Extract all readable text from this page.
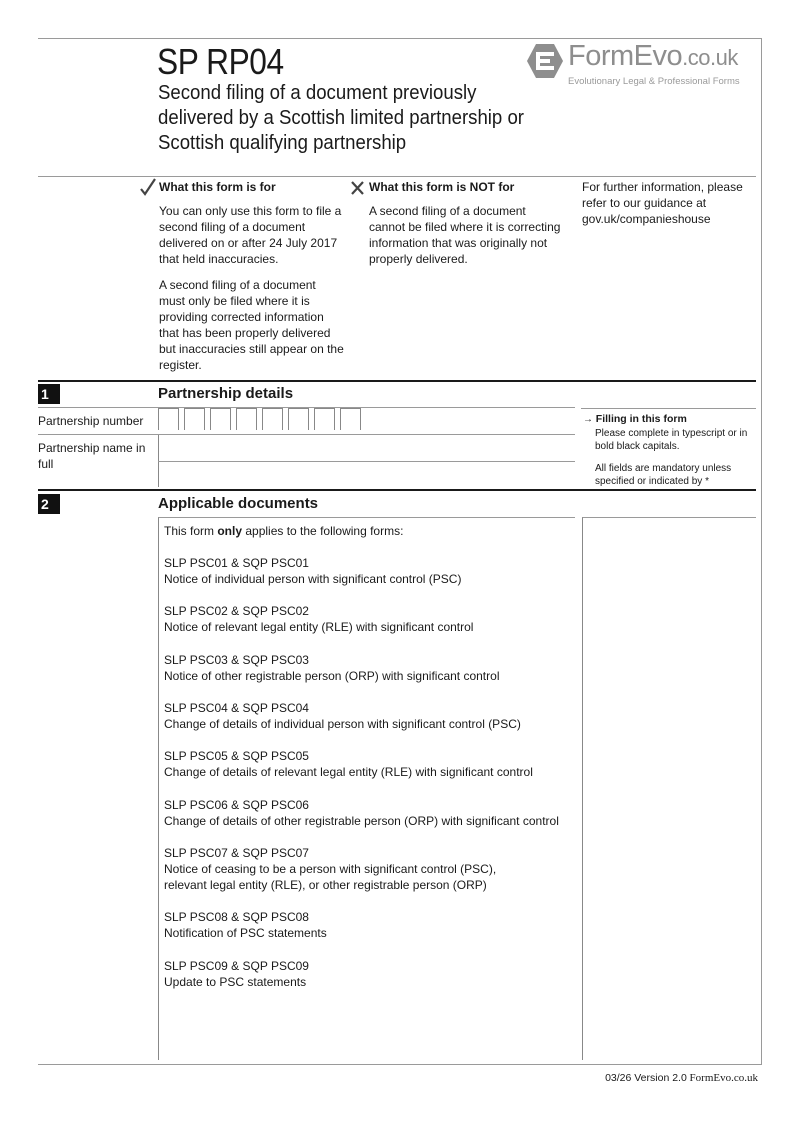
SP RP04
Second filing of a document previously delivered by a Scottish limited partnership or Scottish qualifying partnership
FormEvo.co.uk
Evolutionary Legal & Professional Forms
What this form is for

You can only use this form to file a second filing of a document delivered on or after 24 July 2017 that held inaccuracies.

A second filing of a document must only be filed where it is providing corrected information that has been properly delivered but inaccuracies still appear on the register.

What this form is NOT for

A second filing of a document cannot be filed where it is correcting information that was originally not properly delivered.

For further information, please refer to our guidance at gov.uk/companieshouse
1	Partnership details
Partnership number
Partnership name in full
→ Filling in this form
Please complete in typescript or in bold black capitals.
All fields are mandatory unless specified or indicated by *
2	Applicable documents
This form only applies to the following forms:
SLP PSC01 & SQP PSC01
Notice of individual person with significant control (PSC)
SLP PSC02 & SQP PSC02
Notice of relevant legal entity (RLE) with significant control
SLP PSC03 & SQP PSC03
Notice of other registrable person (ORP) with significant control
SLP PSC04 & SQP PSC04
Change of details of individual person with significant control (PSC)
SLP PSC05 & SQP PSC05
Change of details of relevant legal entity (RLE) with significant control
SLP PSC06 & SQP PSC06
Change of details of other registrable person (ORP) with significant control
SLP PSC07 & SQP PSC07
Notice of ceasing to be a person with significant control (PSC),
relevant legal entity (RLE), or other registrable person (ORP)
SLP PSC08 & SQP PSC08
Notification of PSC statements
SLP PSC09 & SQP PSC09
Update to PSC statements
03/26 Version 2.0 FormEvo.co.uk
